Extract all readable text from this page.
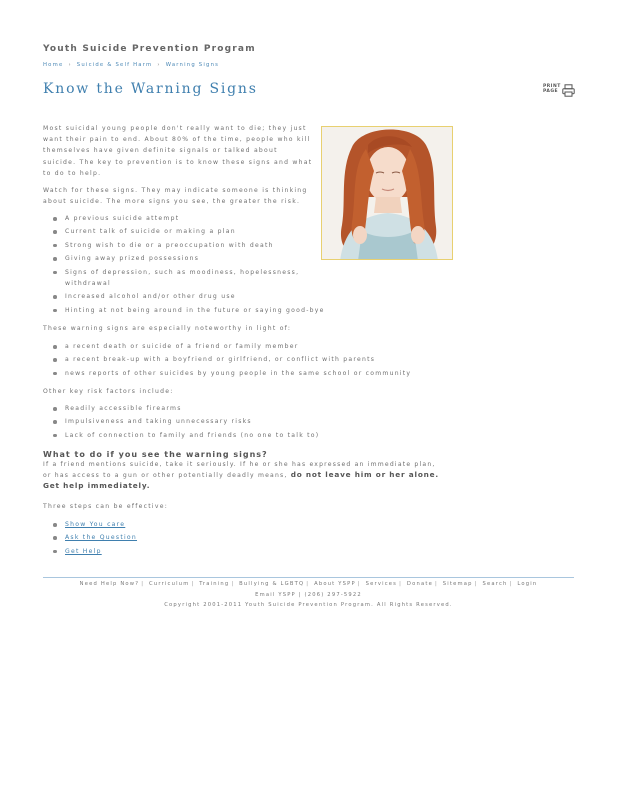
Youth Suicide Prevention Program
Home › Suicide & Self Harm › Warning Signs
Know the Warning Signs	PRINT
PAGE
Most suicidal young people don't really want to die; they just want their pain to end. About 80% of the time, people who kill themselves have given definite signals or talked about suicide. The key to prevention is to know these signs and what to do to help.
Watch for these signs. They may indicate someone is thinking about suicide. The more signs you see, the greater the risk.
A previous suicide attempt
Current talk of suicide or making a plan
Strong wish to die or a preoccupation with death
Giving away prized possessions
Signs of depression, such as moodiness, hopelessness, withdrawal
Increased alcohol and/or other drug use
Hinting at not being around in the future or saying good-bye
These warning signs are especially noteworthy in light of:
a recent death or suicide of a friend or family member
a recent break-up with a boyfriend or girlfriend, or conflict with parents
news reports of other suicides by young people in the same school or community
Other key risk factors include:
Readily accessible firearms
Impulsiveness and taking unnecessary risks
Lack of connection to family and friends (no one to talk to)
What to do if you see the warning signs?
If a friend mentions suicide, take it seriously. If he or she has expressed an immediate plan, or has access to a gun or other potentially deadly means, do not leave him or her alone. Get help immediately.
Three steps can be effective:
Show You care
Ask the Question
Get Help
Need Help Now? | Curriculum | Training | Bullying & LGBTQ | About YSPP | Services | Donate | Sitemap | Search | Login
Email YSPP | (206) 297-5922
Copyright 2001-2011 Youth Suicide Prevention Program. All Rights Reserved.
